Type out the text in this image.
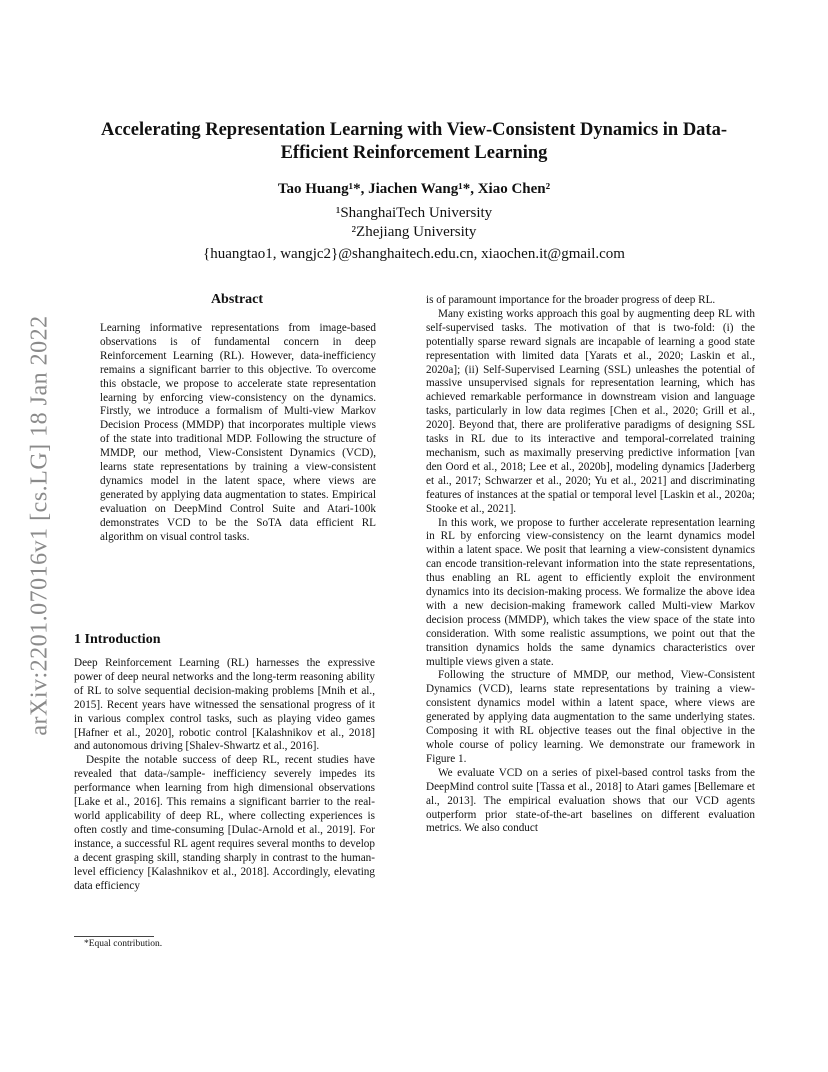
arXiv:2201.07016v1 [cs.LG] 18 Jan 2022
Accelerating Representation Learning with View-Consistent Dynamics in Data-Efficient Reinforcement Learning
Tao Huang¹*, Jiachen Wang¹*, Xiao Chen²
¹ShanghaiTech University
²Zhejiang University
{huangtao1, wangjc2}@shanghaitech.edu.cn, xiaochen.it@gmail.com
Abstract
Learning informative representations from image-based observations is of fundamental concern in deep Reinforcement Learning (RL). However, data-inefficiency remains a significant barrier to this objective. To overcome this obstacle, we propose to accelerate state representation learning by enforcing view-consistency on the dynamics. Firstly, we introduce a formalism of Multi-view Markov Decision Process (MMDP) that incorporates multiple views of the state into traditional MDP. Following the structure of MMDP, our method, View-Consistent Dynamics (VCD), learns state representations by training a view-consistent dynamics model in the latent space, where views are generated by applying data augmentation to states. Empirical evaluation on DeepMind Control Suite and Atari-100k demonstrates VCD to be the SoTA data efficient RL algorithm on visual control tasks.
1 Introduction

Deep Reinforcement Learning (RL) harnesses the expressive power of deep neural networks and the long-term reasoning ability of RL to solve sequential decision-making problems [Mnih et al., 2015]. Recent years have witnessed the sensational progress of it in various complex control tasks, such as playing video games [Hafner et al., 2020], robotic control [Kalashnikov et al., 2018] and autonomous driving [Shalev-Shwartz et al., 2016].

Despite the notable success of deep RL, recent studies have revealed that data-/sample- inefficiency severely impedes its performance when learning from high dimensional observations [Lake et al., 2016]. This remains a significant barrier to the real-world applicability of deep RL, where collecting experiences is often costly and time-consuming [Dulac-Arnold et al., 2019]. For instance, a successful RL agent requires several months to develop a decent grasping skill, standing sharply in contrast to the human-level efficiency [Kalashnikov et al., 2018]. Accordingly, elevating data efficiency

is of paramount importance for the broader progress of deep RL.

Many existing works approach this goal by augmenting deep RL with self-supervised tasks. The motivation of that is two-fold: (i) the potentially sparse reward signals are incapable of learning a good state representation with limited data [Yarats et al., 2020; Laskin et al., 2020a]; (ii) Self-Supervised Learning (SSL) unleashes the potential of massive unsupervised signals for representation learning, which has achieved remarkable performance in downstream vision and language tasks, particularly in low data regimes [Chen et al., 2020; Grill et al., 2020]. Beyond that, there are proliferative paradigms of designing SSL tasks in RL due to its interactive and temporal-correlated training mechanism, such as maximally preserving predictive information [van den Oord et al., 2018; Lee et al., 2020b], modeling dynamics [Jaderberg et al., 2017; Schwarzer et al., 2020; Yu et al., 2021] and discriminating features of instances at the spatial or temporal level [Laskin et al., 2020a; Stooke et al., 2021].

In this work, we propose to further accelerate representation learning in RL by enforcing view-consistency on the learnt dynamics model within a latent space. We posit that learning a view-consistent dynamics can encode transition-relevant information into the state representations, thus enabling an RL agent to efficiently exploit the environment dynamics into its decision-making process. We formalize the above idea with a new decision-making framework called Multi-view Markov decision process (MMDP), which takes the view space of the state into consideration. With some realistic assumptions, we point out that the transition dynamics holds the same dynamics characteristics over multiple views given a state.

Following the structure of MMDP, our method, View-Consistent Dynamics (VCD), learns state representations by training a view-consistent dynamics model within a latent space, where views are generated by applying data augmentation to the same underlying states. Composing it with RL objective teases out the final objective in the whole course of policy learning. We demonstrate our framework in Figure 1.

We evaluate VCD on a series of pixel-based control tasks from the DeepMind control suite [Tassa et al., 2018] to Atari games [Bellemare et al., 2013]. The empirical evaluation shows that our VCD agents outperform prior state-of-the-art baselines on different evaluation metrics. We also conduct

*Equal contribution.
